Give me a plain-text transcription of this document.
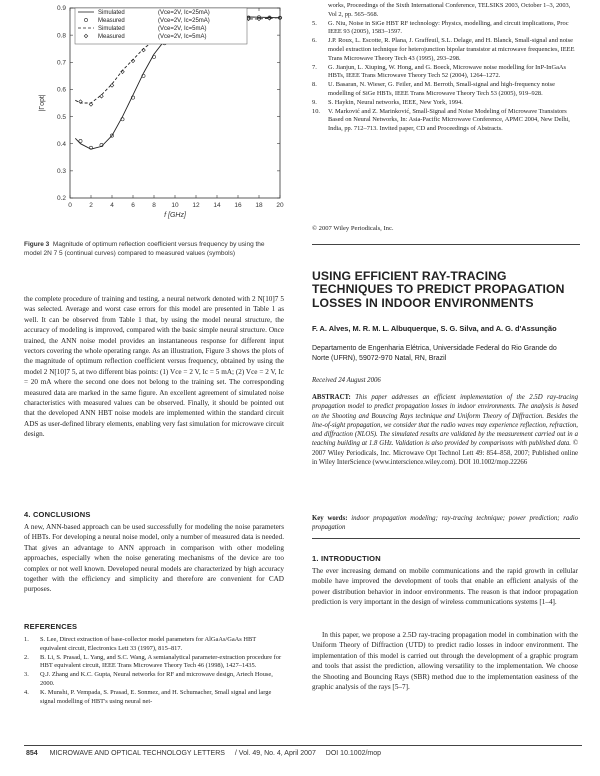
0	2	4	6	8 10 12 14 16 18 20
0.2
0.3
0.4
0.5
0.6
0.7
0.8
0.9
f [GHz]
|Γopt|
Simulated	(Vce=2V, Ic=25mA)
Measured	(Vce=2V, Ic=25mA)
Simulated	(Vce=2V, Ic=5mA)
Measured	(Vce=2V, Ic=5mA)
Figure 3 Magnitude of optimum reflection coefficient versus frequency by using the model 2N 7 5 (continual curves) compared to measured values (symbols)

the complete procedure of training and testing, a neural network denoted with 2 N[10]7 5 was selected. Average and worst case errors for this model are presented in Table 1 as well. It can be observed from Table 1 that, by using the model neural structure, the accuracy of modeling is improved, compared with the basic simple neural structure. Once trained, the ANN noise model provides an instantaneous response for different input vectors covering the whole operating range. As an illustration, Figure 3 shows the plots of the magnitude of optimum reflection coefficient versus frequency, obtained by using the model 2 N[10]7 5, at two different bias points: (1) Vce = 2 V, Ic = 5 mA; (2) Vce = 2 V, Ic = 20 mA where the second one does not belong to the training set. The corresponding measured data are marked in the same figure. An excellent agreement of simulated noise characteristics with measured values can be observed. Finally, it should be pointed out that the developed ANN HBT noise models are implemented within the standard circuit ADS as user-defined library elements, enabling very fast simulation for microwave circuit design.

4. CONCLUSIONS

A new, ANN-based approach can be used successfully for modeling the noise parameters of HBTs. For developing a neural noise model, only a number of measured data is needed. That gives an advantage to ANN approach in comparison with other modeling approaches, especially when the noise generating mechanisms of the device are too complex or not well known. Developed neural models are characterized by high accuracy together with the efficiency and simplicity and therefore are convenient for CAD purposes.

REFERENCES
1. S. Lee, Direct extraction of base-collector model parameters for AlGaAs/GaAs HBT equivalent circuit, Electronics Lett 33 (1997), 815–817.
2. B. Li, S. Prasad, L. Yang, and S.C. Wang, A semianalytical parameter-extraction procedure for HBT equivalent circuit, IEEE Trans Microwave Theory Tech 46 (1998), 1427–1435.
3. Q.J. Zhang and K.C. Gupta, Neural networks for RF and microwave design, Artech House, 2000.
4. K. Munshi, P. Vempada, S. Prasad, E. Sonmez, and H. Schumacher, Small signal and large signal modelling of HBT's using neural net-
works, Proceedings of the Sixth International Conference, TELSIKS 2003, October 1–3, 2003, Vol 2, pp. 565–568.
5. G. Niu, Noise in SiGe HBT RF technology: Physics, modelling, and circuit implications, Proc IEEE 93 (2005), 1583–1597.
6. J.P. Roux, L. Escotte, R. Plana, J. Graffeuil, S.L. Delage, and H. Blanck, Small-signal and noise model extraction technique for heterojunction bipolar transistor at microwave frequencies, IEEE Trans Microwave Theory Tech 43 (1995), 293–298.
7. G. Jianjun, L. Xiuping, W. Hong, and G. Boeck, Microwave noise modelling for InP-InGaAs HBTs, IEEE Trans Microwave Theory Tech 52 (2004), 1264–1272.
8. U. Basaran, N. Wieser, G. Feiler, and M. Berroth, Small-signal and high-frequency noise modelling of SiGe HBTs, IEEE Trans Microwave Theory Tech 53 (2005), 919–928.
9. S. Haykin, Neural networks, IEEE, New York, 1994.
10. V. Marković and Z. Marinković, Small-Signal and Noise Modeling of Microwave Transistors Based on Neural Networks, In: Asia-Pacific Microwave Conference, APMC 2004, New Delhi, India, pp. 712–713. Invited paper, CD and Proceedings of Abstracts.
© 2007 Wiley Periodicals, Inc.
USING EFFICIENT RAY-TRACING TECHNIQUES TO PREDICT PROPAGATION LOSSES IN INDOOR ENVIRONMENTS

F. A. Alves, M. R. M. L. Albuquerque, S. G. Silva, and A. G. d'Assunção

Departamento de Engenharia Elétrica, Universidade Federal do Rio Grande do Norte (UFRN), 59072-970 Natal, RN, Brazil

Received 24 August 2006

ABSTRACT: This paper addresses an efficient implementation of the 2.5D ray-tracing propagation model to predict propagation losses in indoor environments. The analysis is based on the Shooting and Bouncing Rays technique and Uniform Theory of Diffraction. Besides the line-of-sight propagation, we consider that the radio waves may experience reflection, refraction, and diffraction (NLOS). The simulated results are validated by the measurement carried out in a teaching building at 1.8 GHz. Validation is also provided by comparisons with published data. © 2007 Wiley Periodicals, Inc. Microwave Opt Technol Lett 49: 854–858, 2007; Published online in Wiley InterScience (www.interscience.wiley.com). DOI 10.1002/mop.22266

Key words: indoor propagation modeling; ray-tracing technique; power prediction; radio propagation

1. INTRODUCTION

The ever increasing demand on mobile communications and the rapid growth in cellular mobile have improved the development of tools that enable an efficient analysis of the power distribution behavior in indoor environments. The reason is that indoor propagation prediction is very important in the design of wireless communications systems [1–4].

In this paper, we propose a 2.5D ray-tracing propagation model in combination with the Uniform Theory of Diffraction (UTD) to predict radio losses in indoor environment. The implementation of this model is carried out through the development of a graphic program and tools that assist the prediction, allowing versatility to the implementation. We choose the Shooting and Bouncing Rays (SBR) method due to the implementation easiness of the graphic analysis of the rays [5–7].

854 MICROWAVE AND OPTICAL TECHNOLOGY LETTERS / Vol. 49, No. 4, April 2007 DOI 10.1002/mop
